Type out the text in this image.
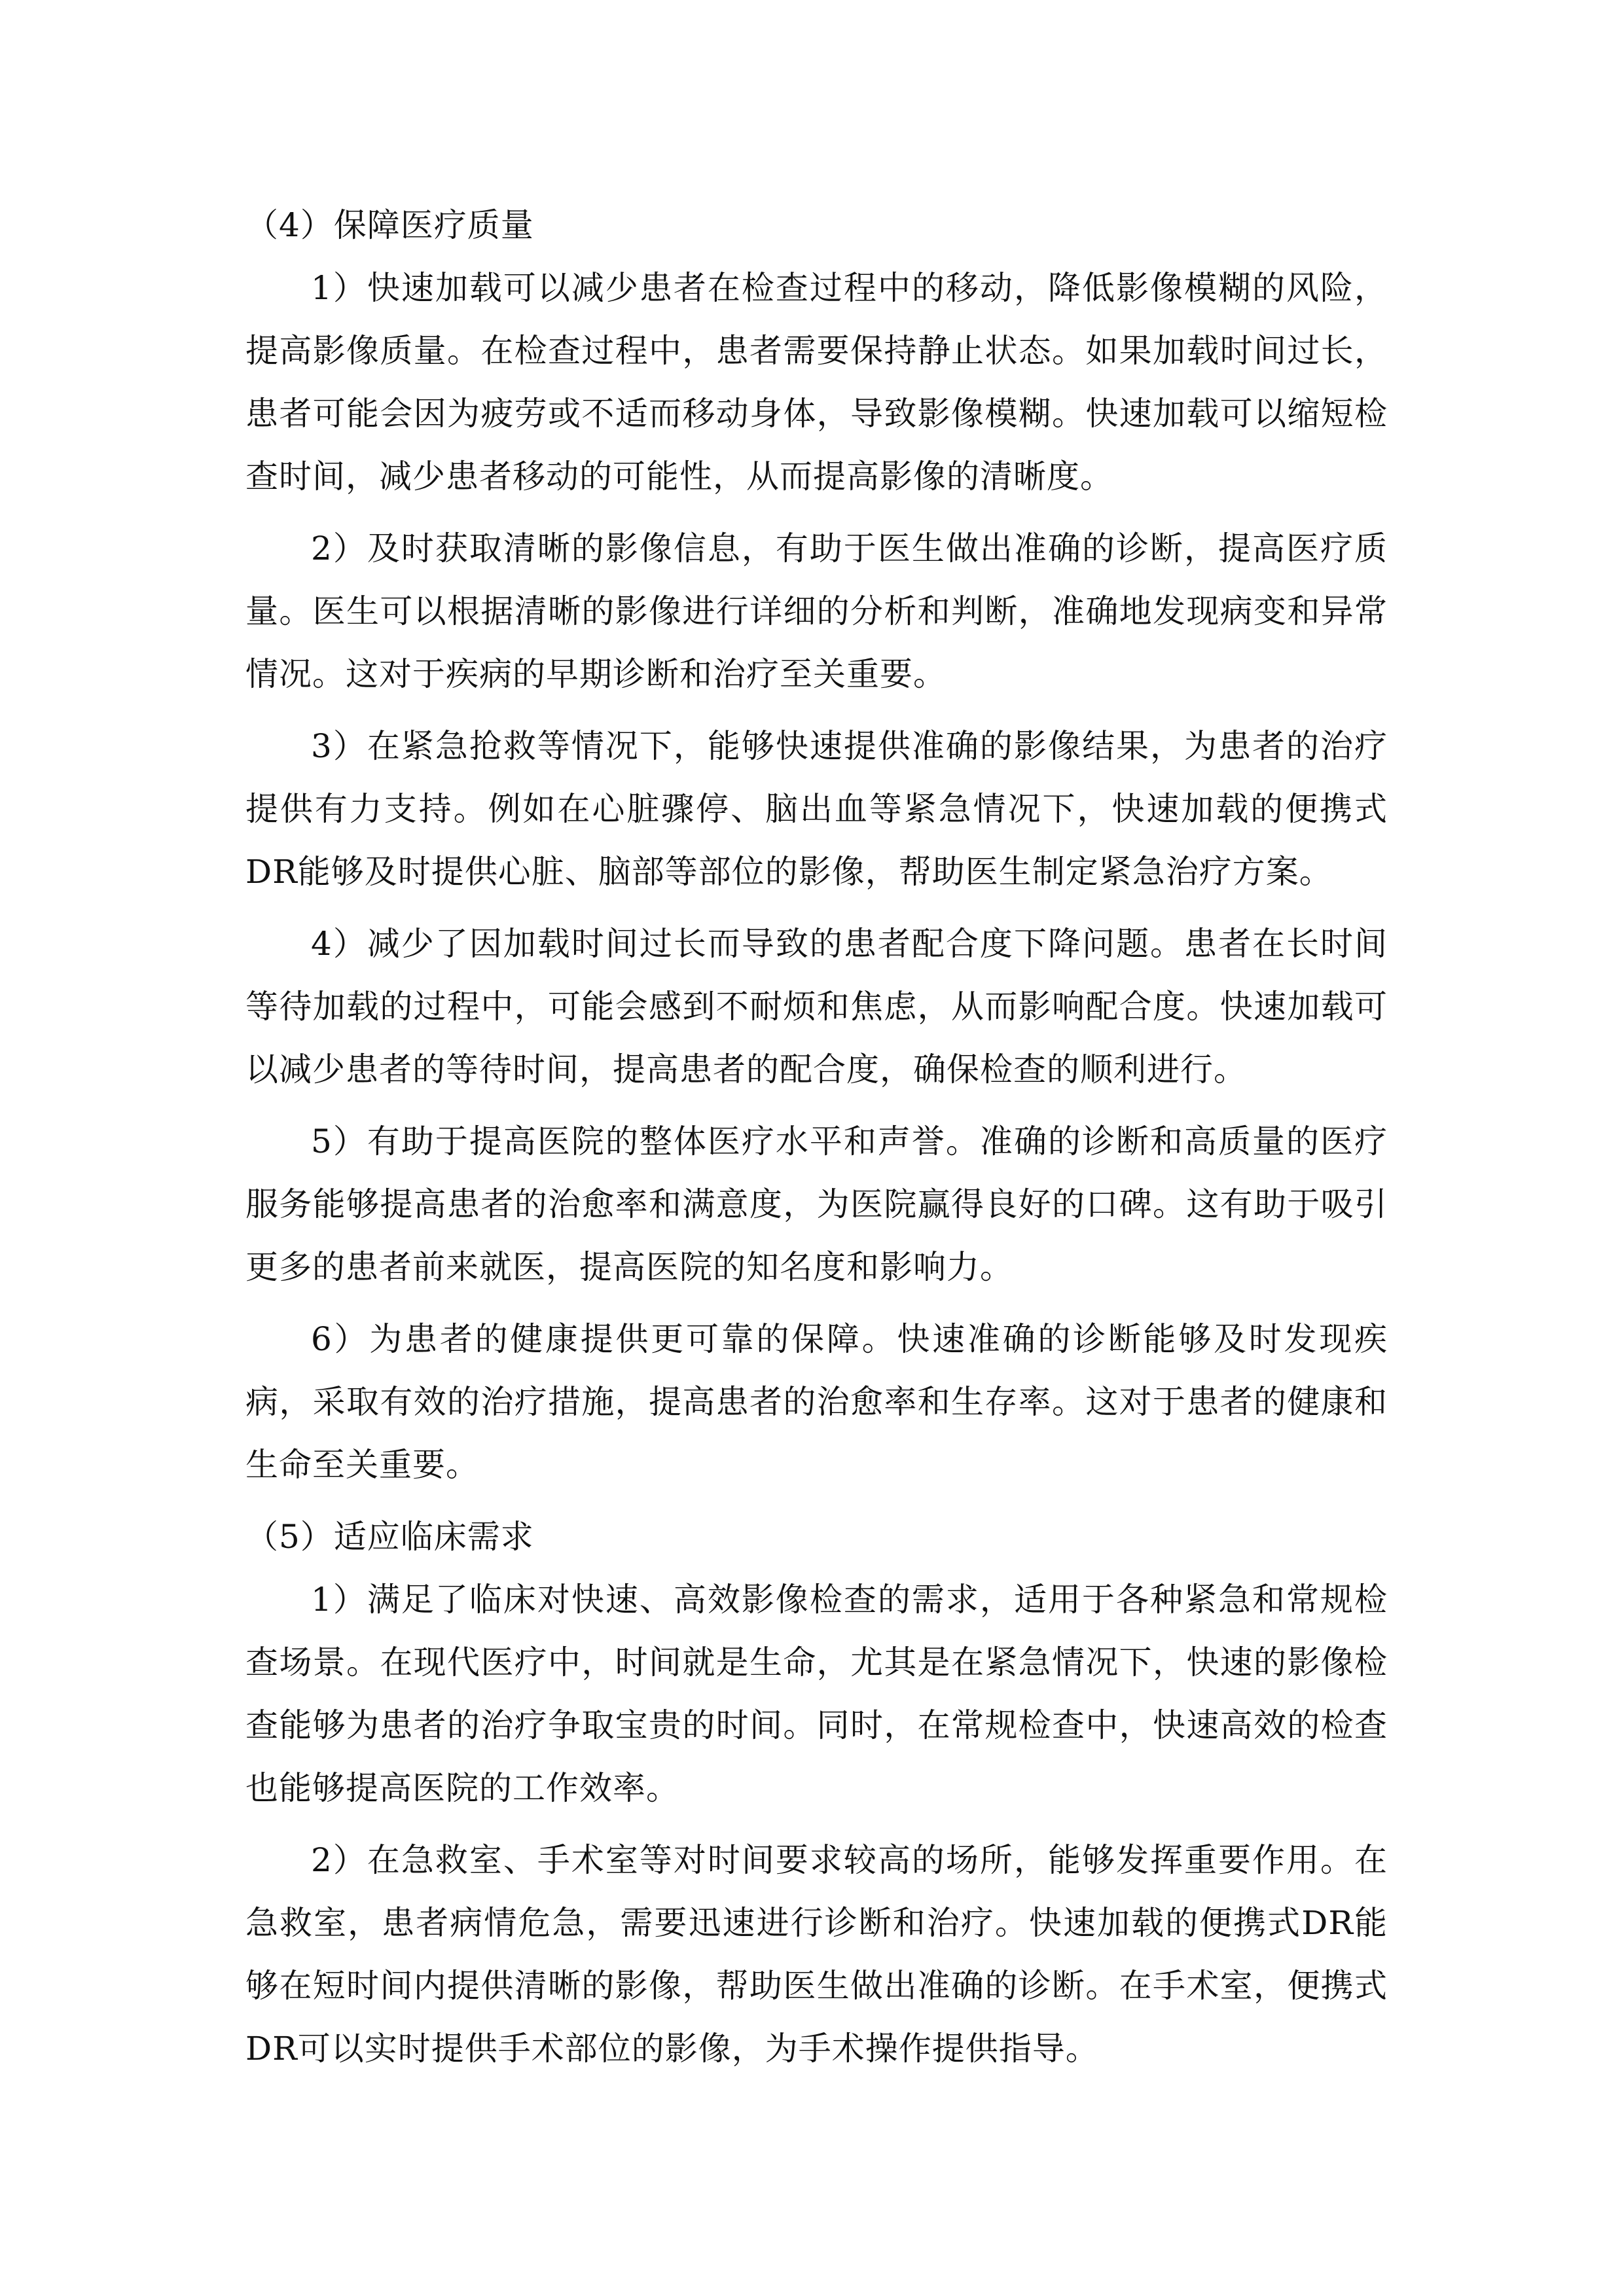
（4）保障医疗质量

1）快速加载可以减少患者在检查过程中的移动，降低影像模糊的风险，提高影像质量。在检查过程中，患者需要保持静止状态。如果加载时间过长，患者可能会因为疲劳或不适而移动身体，导致影像模糊。快速加载可以缩短检查时间，减少患者移动的可能性，从而提高影像的清晰度。

2）及时获取清晰的影像信息，有助于医生做出准确的诊断，提高医疗质量。医生可以根据清晰的影像进行详细的分析和判断，准确地发现病变和异常情况。这对于疾病的早期诊断和治疗至关重要。

3）在紧急抢救等情况下，能够快速提供准确的影像结果，为患者的治疗提供有力支持。例如在心脏骤停、脑出血等紧急情况下，快速加载的便携式DR能够及时提供心脏、脑部等部位的影像，帮助医生制定紧急治疗方案。

4）减少了因加载时间过长而导致的患者配合度下降问题。患者在长时间等待加载的过程中，可能会感到不耐烦和焦虑，从而影响配合度。快速加载可以减少患者的等待时间，提高患者的配合度，确保检查的顺利进行。

5）有助于提高医院的整体医疗水平和声誉。准确的诊断和高质量的医疗服务能够提高患者的治愈率和满意度，为医院赢得良好的口碑。这有助于吸引更多的患者前来就医，提高医院的知名度和影响力。

6）为患者的健康提供更可靠的保障。快速准确的诊断能够及时发现疾病，采取有效的治疗措施，提高患者的治愈率和生存率。这对于患者的健康和生命至关重要。

（5）适应临床需求

1）满足了临床对快速、高效影像检查的需求，适用于各种紧急和常规检查场景。在现代医疗中，时间就是生命，尤其是在紧急情况下，快速的影像检查能够为患者的治疗争取宝贵的时间。同时，在常规检查中，快速高效的检查也能够提高医院的工作效率。

2）在急救室、手术室等对时间要求较高的场所，能够发挥重要作用。在急救室，患者病情危急，需要迅速进行诊断和治疗。快速加载的便携式DR能够在短时间内提供清晰的影像，帮助医生做出准确的诊断。在手术室，便携式DR可以实时提供手术部位的影像，为手术操作提供指导。
